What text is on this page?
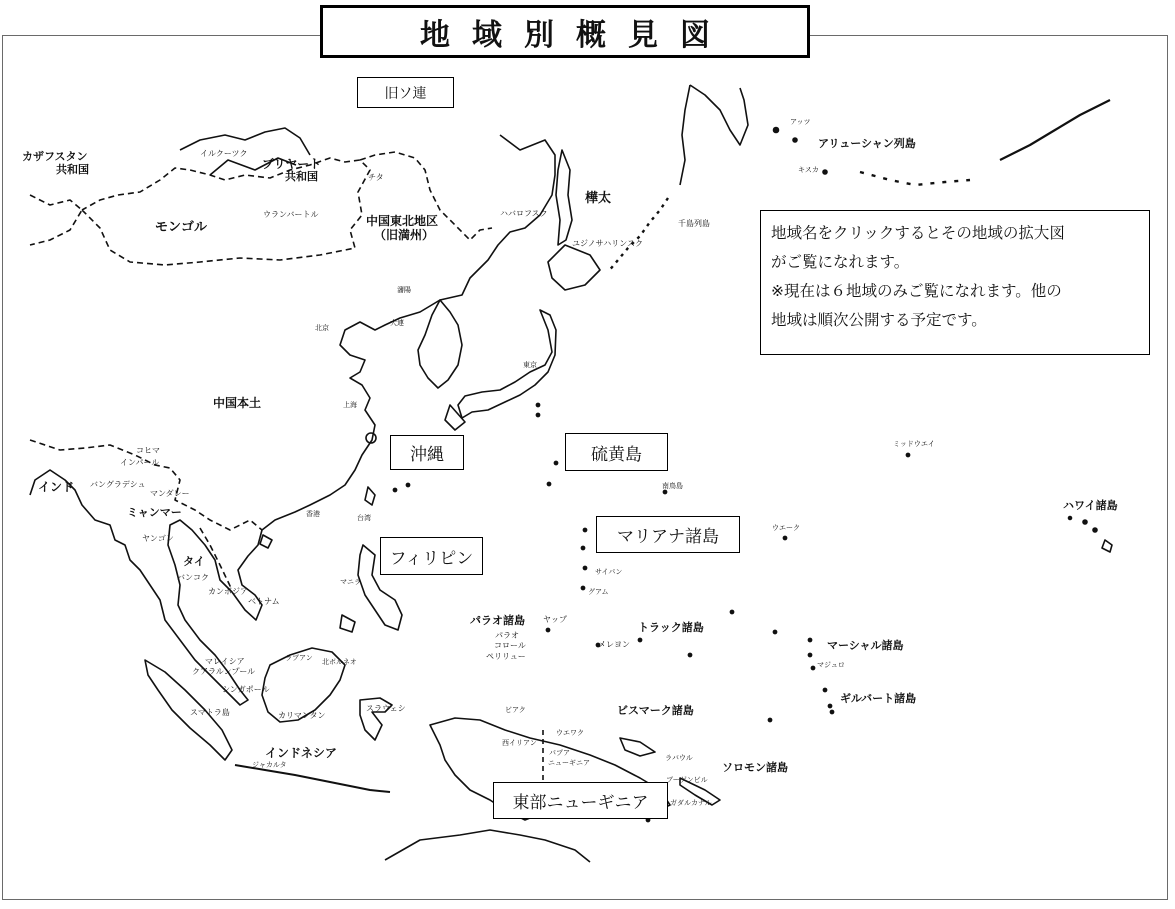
地域別概見図
旧ソ連
沖縄	硫黄島
マリアナ諸島
フィリピン
東部ニューギニア
地域名をクリックするとその地域の拡大図
がご覧になれます。
※現在は６地域のみご覧になれます。他の
地域は順次公開する予定です。
カザフスタン
共和国
イルクーツク
ブリヤート
共和国	チタ
モンゴル
ウランバートル	中国東北地区
（旧満州）
ハバロフスク
樺太
ユジノサハリンスク
千島列島
アッツ
アリューシャン列島
キスカ
北京
大連
瀋陽
中国本土	上海
東京
ミッドウエイ
ハワイ諸島
南鳥島
ウエーク
コヒマ
インパール
インド バングラデシュ
マンダレー
ミャンマー
ヤンゴン
タイ
バンコク
カンボジア
ベトナム
香港	台湾
マニラ
サイパン
グアム
パラオ諸島
パラオ
コロール
ペリリュー
ヤップ
トラック諸島
メレヨン	マーシャル諸島
マジュロ
ギルバート諸島
マレイシア
クアラルンプール
シンガポール
ラブアン 北ボルネオ
スマトラ島	カリマンタン
スラウェシ
インドネシア
ジャカルタ
ビアク
西イリアン
パプア
ニューギニア
ウエワク
ビスマーク諸島
ラバウル
ブーゲンビル
ガダルカナル
ソロモン諸島
